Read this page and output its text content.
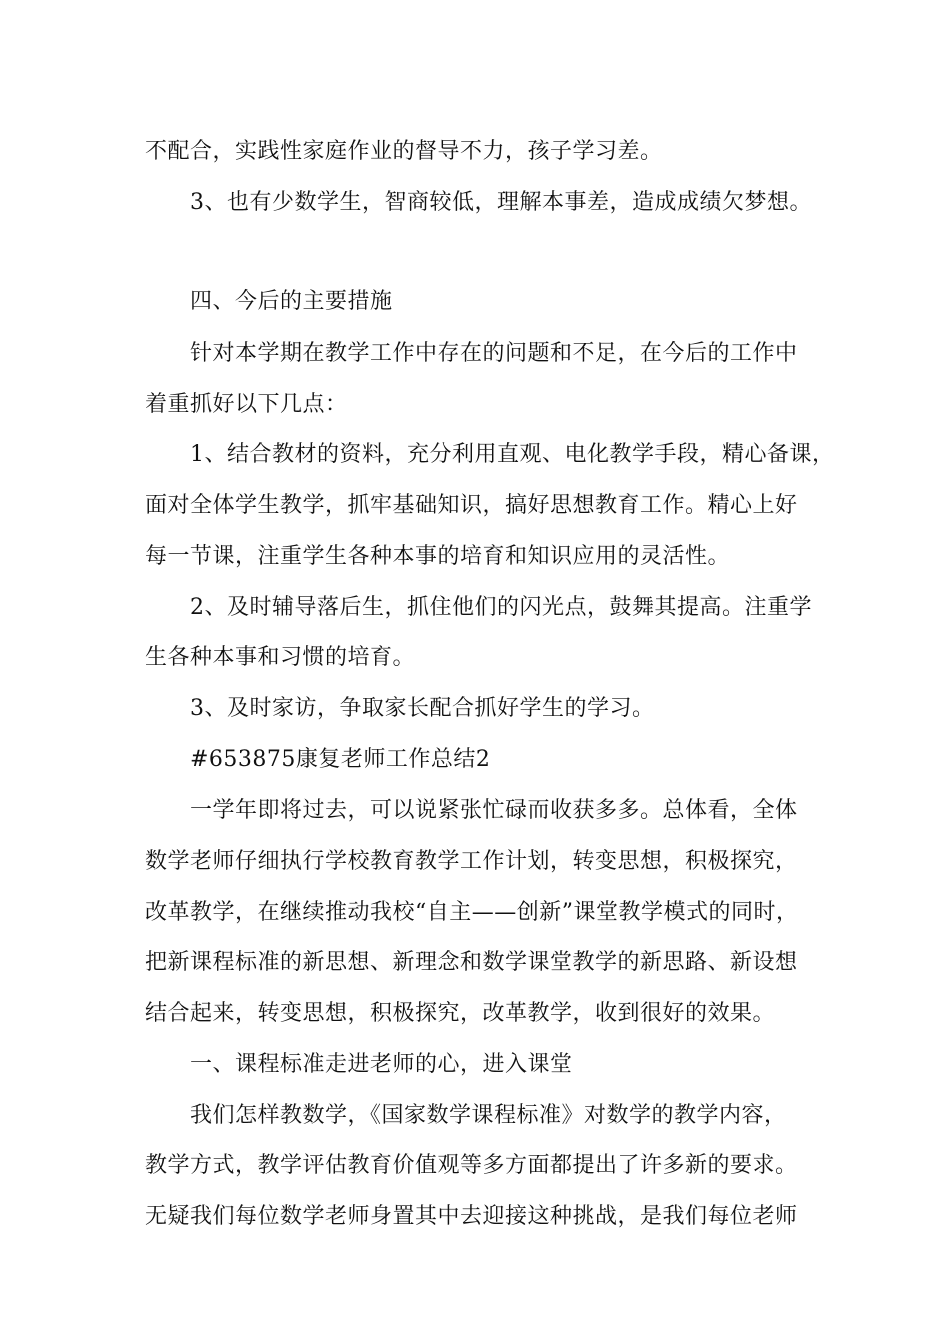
不配合，实践性家庭作业的督导不力，孩子学习差。
3、也有少数学生，智商较低，理解本事差，造成成绩欠梦想。
四、今后的主要措施
针对本学期在教学工作中存在的问题和不足，在今后的工作中
着重抓好以下几点：
1、结合教材的资料，充分利用直观、电化教学手段，精心备课，
面对全体学生教学，抓牢基础知识，搞好思想教育工作。精心上好
每一节课，注重学生各种本事的培育和知识应用的灵活性。
2、及时辅导落后生，抓住他们的闪光点，鼓舞其提高。注重学
生各种本事和习惯的培育。
3、及时家访，争取家长配合抓好学生的学习。
#653875康复老师工作总结2
一学年即将过去，可以说紧张忙碌而收获多多。总体看，全体
数学老师仔细执行学校教育教学工作计划，转变思想，积极探究，
改革教学，在继续推动我校“自主——创新”课堂教学模式的同时，
把新课程标准的新思想、新理念和数学课堂教学的新思路、新设想
结合起来，转变思想，积极探究，改革教学，收到很好的效果。
一、课程标准走进老师的心，进入课堂
我们怎样教数学，《国家数学课程标准》对数学的教学内容，
教学方式，教学评估教育价值观等多方面都提出了许多新的要求。
无疑我们每位数学老师身置其中去迎接这种挑战，是我们每位老师
